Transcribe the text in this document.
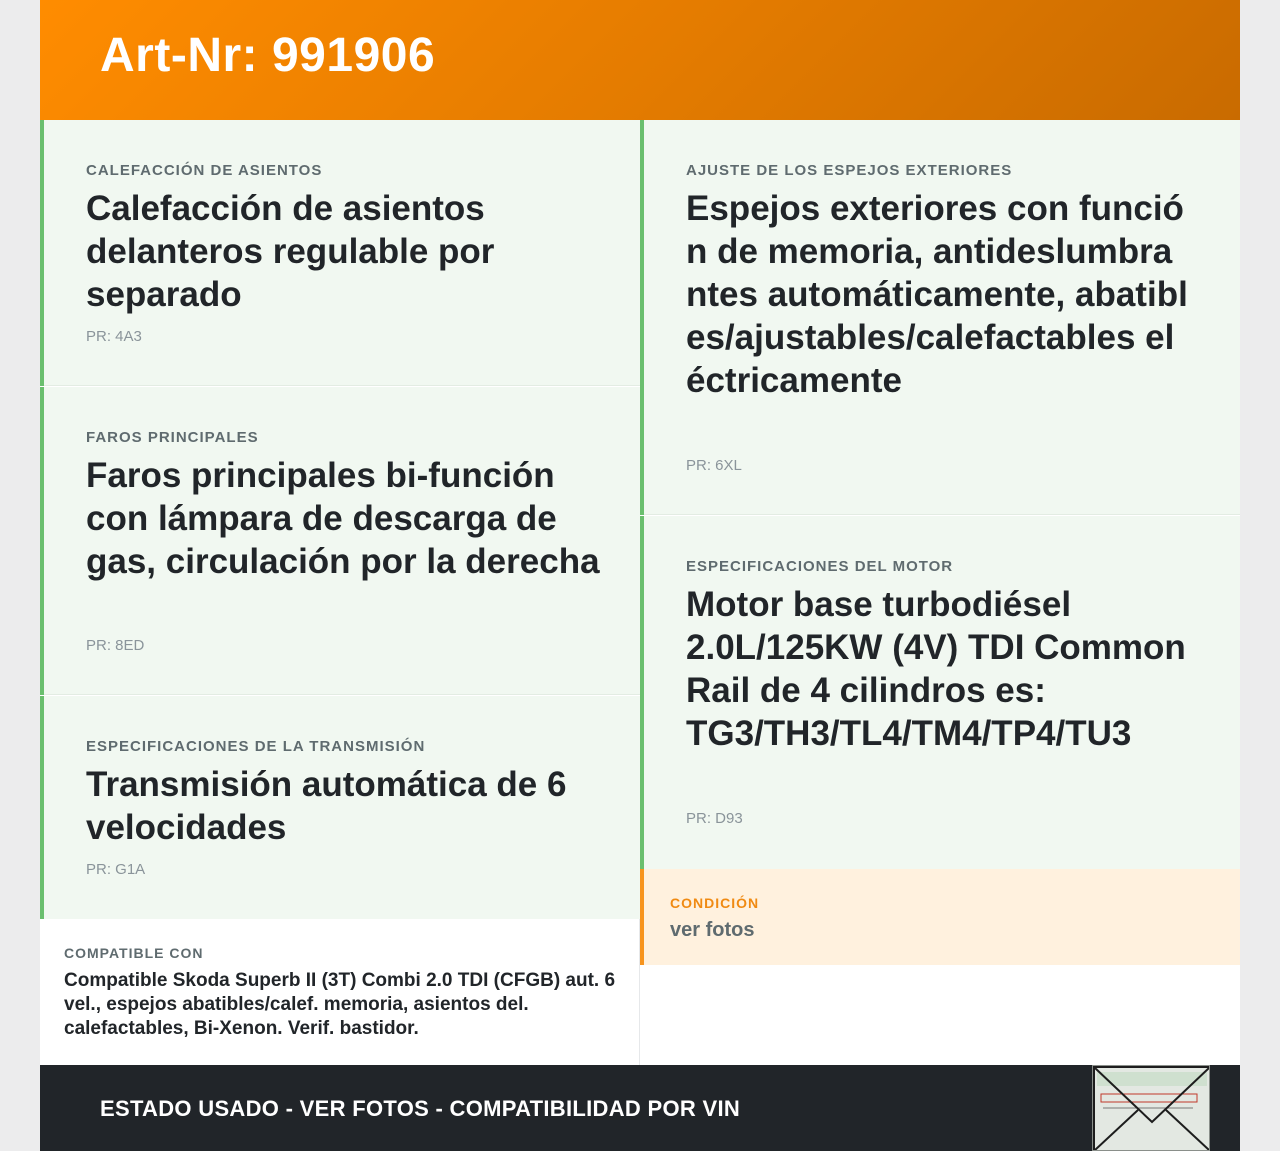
Art-Nr: 991906
CALEFACCIÓN DE ASIENTOS
Calefacción de asientos delanteros regulable por separado
PR: 4A3
FAROS PRINCIPALES
Faros principales bi-función con lámpara de descarga de gas, circulación por la derecha
PR: 8ED
ESPECIFICACIONES DE LA TRANSMISIÓN
Transmisión automática de 6 velocidades
PR: G1A
COMPATIBLE CON
Compatible Skoda Superb II (3T) Combi 2.0 TDI (CFGB) aut. 6 vel., espejos abatibles/calef. memoria, asientos del. calefactables, Bi-Xenon. Verif. bastidor.
AJUSTE DE LOS ESPEJOS EXTERIORES
Espejos exteriores con función de memoria, antideslumbrantes automáticamente, abatibles/ajustables/calefactables eléctricamente
PR: 6XL
ESPECIFICACIONES DEL MOTOR
Motor base turbodiésel 2.0L/125KW (4V) TDI Common Rail de 4 cilindros es: TG3/TH3/TL4/TM4/TP4/TU3
PR: D93
CONDICIÓN
ver fotos
ESTADO USADO - VER FOTOS - COMPATIBILIDAD POR VIN
